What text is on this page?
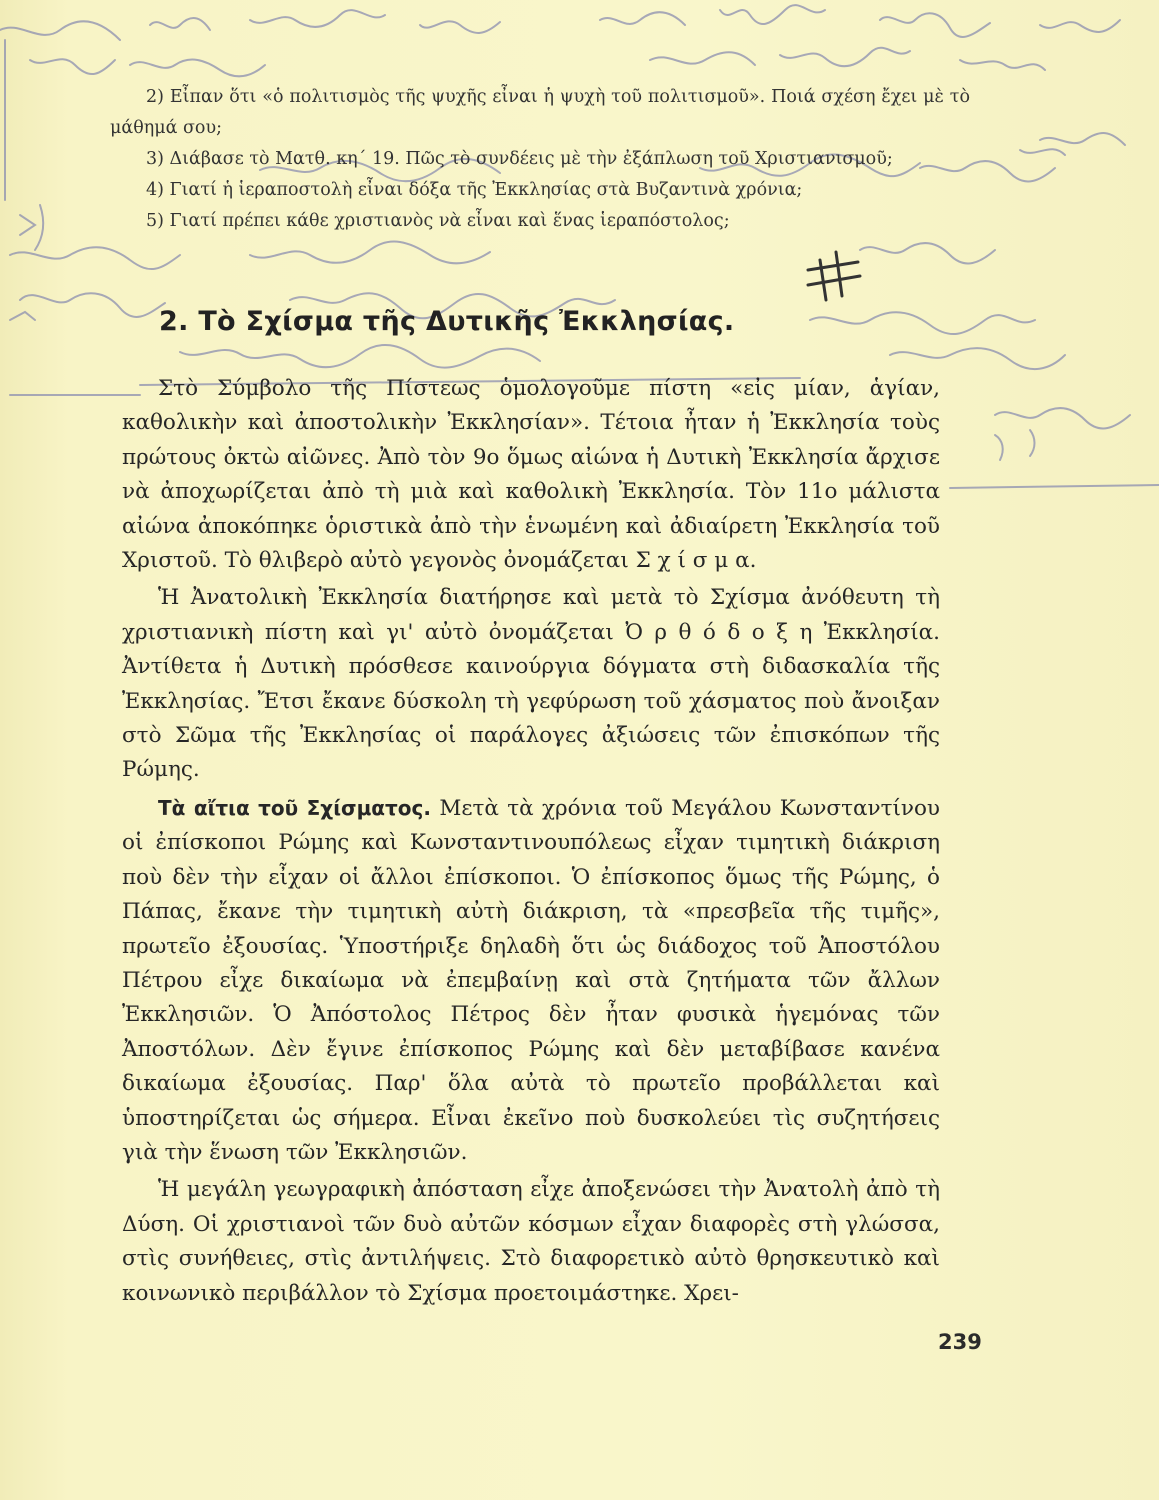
2) Εἶπαν ὅτι «ὁ πολιτισμὸς τῆς ψυχῆς εἶναι ἡ ψυχὴ τοῦ πολιτισμοῦ». Ποιά σχέση ἔχει μὲ τὸ μάθημά σου;

3) Διάβασε τὸ Ματθ. κη΄ 19. Πῶς τὸ συνδέεις μὲ τὴν ἐξάπλωση τοῦ Χριστιανισμοῦ;

4) Γιατί ἡ ἱεραποστολὴ εἶναι δόξα τῆς Ἐκκλησίας στὰ Βυζαντινὰ χρόνια;

5) Γιατί πρέπει κάθε χριστιανὸς νὰ εἶναι καὶ ἕνας ἱεραπόστολος;

2. Τὸ Σχίσμα τῆς Δυτικῆς Ἐκκλησίας.

Στὸ Σύμβολο τῆς Πίστεως ὁμολογοῦμε πίστη «εἰς μίαν, ἁγίαν, καθολικὴν καὶ ἀποστολικὴν Ἐκκλησίαν». Τέτοια ἦταν ἡ Ἐκκλησία τοὺς πρώτους ὀκτὼ αἰῶνες. Ἀπὸ τὸν 9ο ὅμως αἰώνα ἡ Δυτικὴ Ἐκκλησία ἄρχισε νὰ ἀποχωρίζεται ἀπὸ τὴ μιὰ καὶ καθολικὴ Ἐκκλησία. Τὸν 11ο μάλιστα αἰώνα ἀποκόπηκε ὁριστικὰ ἀπὸ τὴν ἑνωμένη καὶ ἀδιαίρετη Ἐκκλησία τοῦ Χριστοῦ. Τὸ θλιβερὸ αὐτὸ γεγονὸς ὀνομάζεται Σ χ ί σ μ α.

Ἡ Ἀνατολικὴ Ἐκκλησία διατήρησε καὶ μετὰ τὸ Σχίσμα ἀνόθευτη τὴ χριστιανικὴ πίστη καὶ γι' αὐτὸ ὀνομάζεται Ὀ ρ θ ό δ ο ξ η Ἐκκλησία. Ἀντίθετα ἡ Δυτικὴ πρόσθεσε καινούργια δόγματα στὴ διδασκαλία τῆς Ἐκκλησίας. Ἔτσι ἔκανε δύσκολη τὴ γεφύρωση τοῦ χάσματος ποὺ ἄνοιξαν στὸ Σῶμα τῆς Ἐκκλησίας οἱ παράλογες ἀξιώσεις τῶν ἐπισκόπων τῆς Ρώμης.

Τὰ αἴτια τοῦ Σχίσματος. Μετὰ τὰ χρόνια τοῦ Μεγάλου Κωνσταντίνου οἱ ἐπίσκοποι Ρώμης καὶ Κωνσταντινουπόλεως εἶχαν τιμητικὴ διάκριση ποὺ δὲν τὴν εἶχαν οἱ ἄλλοι ἐπίσκοποι. Ὁ ἐπίσκοπος ὅμως τῆς Ρώμης, ὁ Πάπας, ἔκανε τὴν τιμητικὴ αὐτὴ διάκριση, τὰ «πρεσβεῖα τῆς τιμῆς», πρωτεῖο ἐξουσίας. Ὑποστήριξε δηλαδὴ ὅτι ὡς διάδοχος τοῦ Ἀποστόλου Πέτρου εἶχε δικαίωμα νὰ ἐπεμβαίνῃ καὶ στὰ ζητήματα τῶν ἄλλων Ἐκκλησιῶν. Ὁ Ἀπόστολος Πέτρος δὲν ἦταν φυσικὰ ἡγεμόνας τῶν Ἀποστόλων. Δὲν ἔγινε ἐπίσκοπος Ρώμης καὶ δὲν μεταβίβασε κανένα δικαίωμα ἐξουσίας. Παρ' ὅλα αὐτὰ τὸ πρωτεῖο προβάλλεται καὶ ὑποστηρίζεται ὡς σήμερα. Εἶναι ἐκεῖνο ποὺ δυσκολεύει τὶς συζητήσεις γιὰ τὴν ἕνωση τῶν Ἐκκλησιῶν.

Ἡ μεγάλη γεωγραφικὴ ἀπόσταση εἶχε ἀποξενώσει τὴν Ἀνατολὴ ἀπὸ τὴ Δύση. Οἱ χριστιανοὶ τῶν δυὸ αὐτῶν κόσμων εἶχαν διαφορὲς στὴ γλώσσα, στὶς συνήθειες, στὶς ἀντιλήψεις. Στὸ διαφορετικὸ αὐτὸ θρησκευτικὸ καὶ κοινωνικὸ περιβάλλον τὸ Σχίσμα προετοιμάστηκε. Χρει-

239
